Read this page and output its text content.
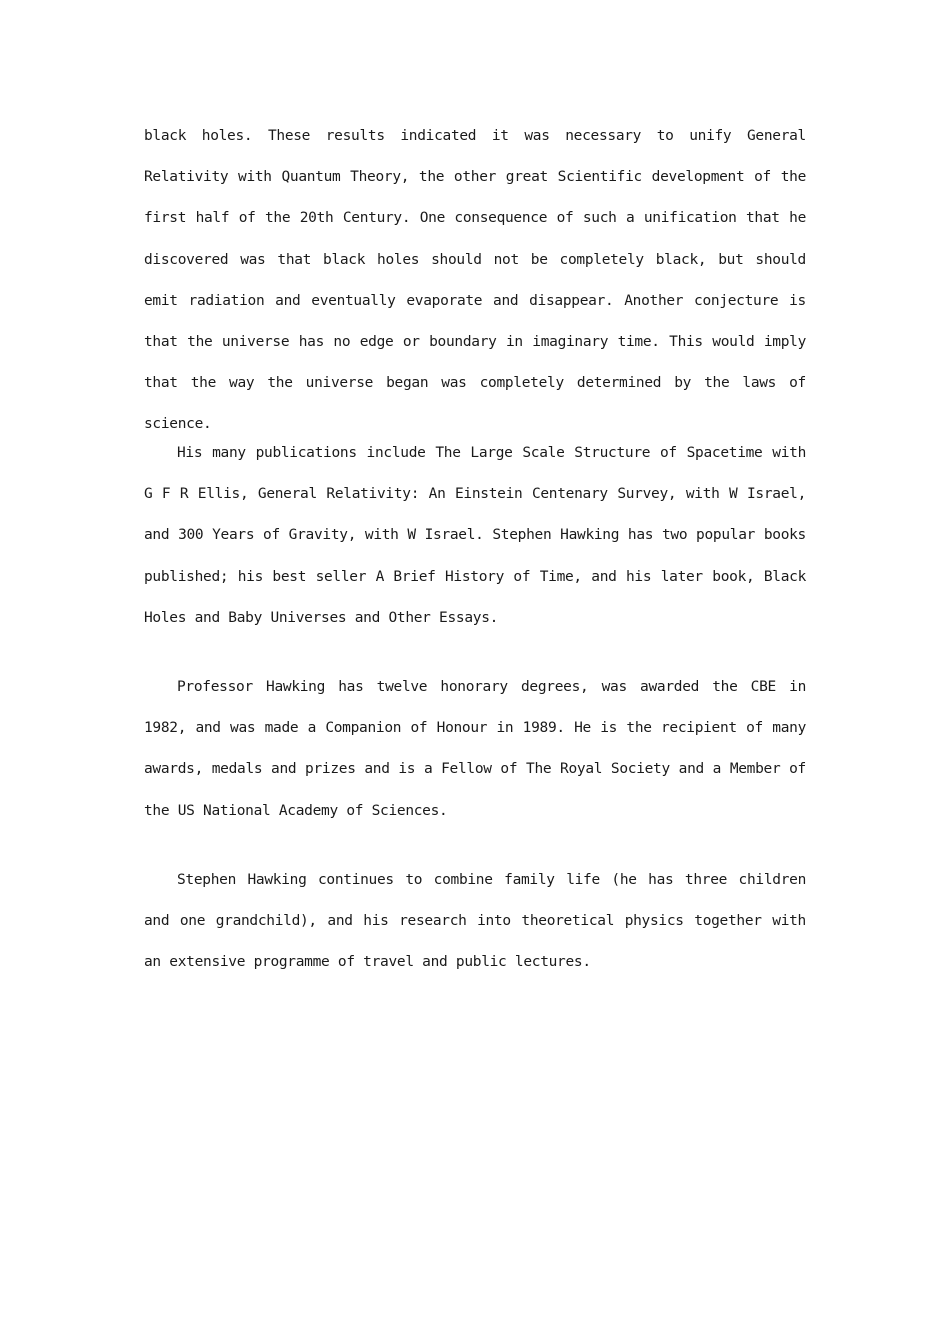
black holes. These results indicated it was necessary to unify General Relativity with Quantum Theory, the other great Scientific development of the first half of the 20th Century. One consequence of such a unification that he discovered was that black holes should not be completely black, but should emit radiation and eventually evaporate and disappear. Another conjecture is that the universe has no edge or boundary in imaginary time. This would imply that the way the universe began was completely determined by the laws of science.

His many publications include The Large Scale Structure of Spacetime with G F R Ellis, General Relativity: An Einstein Centenary Survey, with W Israel, and 300 Years of Gravity, with W Israel. Stephen Hawking has two popular books published; his best seller A Brief History of Time, and his later book, Black Holes and Baby Universes and Other Essays.

Professor Hawking has twelve honorary degrees, was awarded the CBE in 1982, and was made a Companion of Honour in 1989. He is the recipient of many awards, medals and prizes and is a Fellow of The Royal Society and a Member of the US National Academy of Sciences.

Stephen Hawking continues to combine family life (he has three children and one grandchild), and his research into theoretical physics together with an extensive programme of travel and public lectures.
